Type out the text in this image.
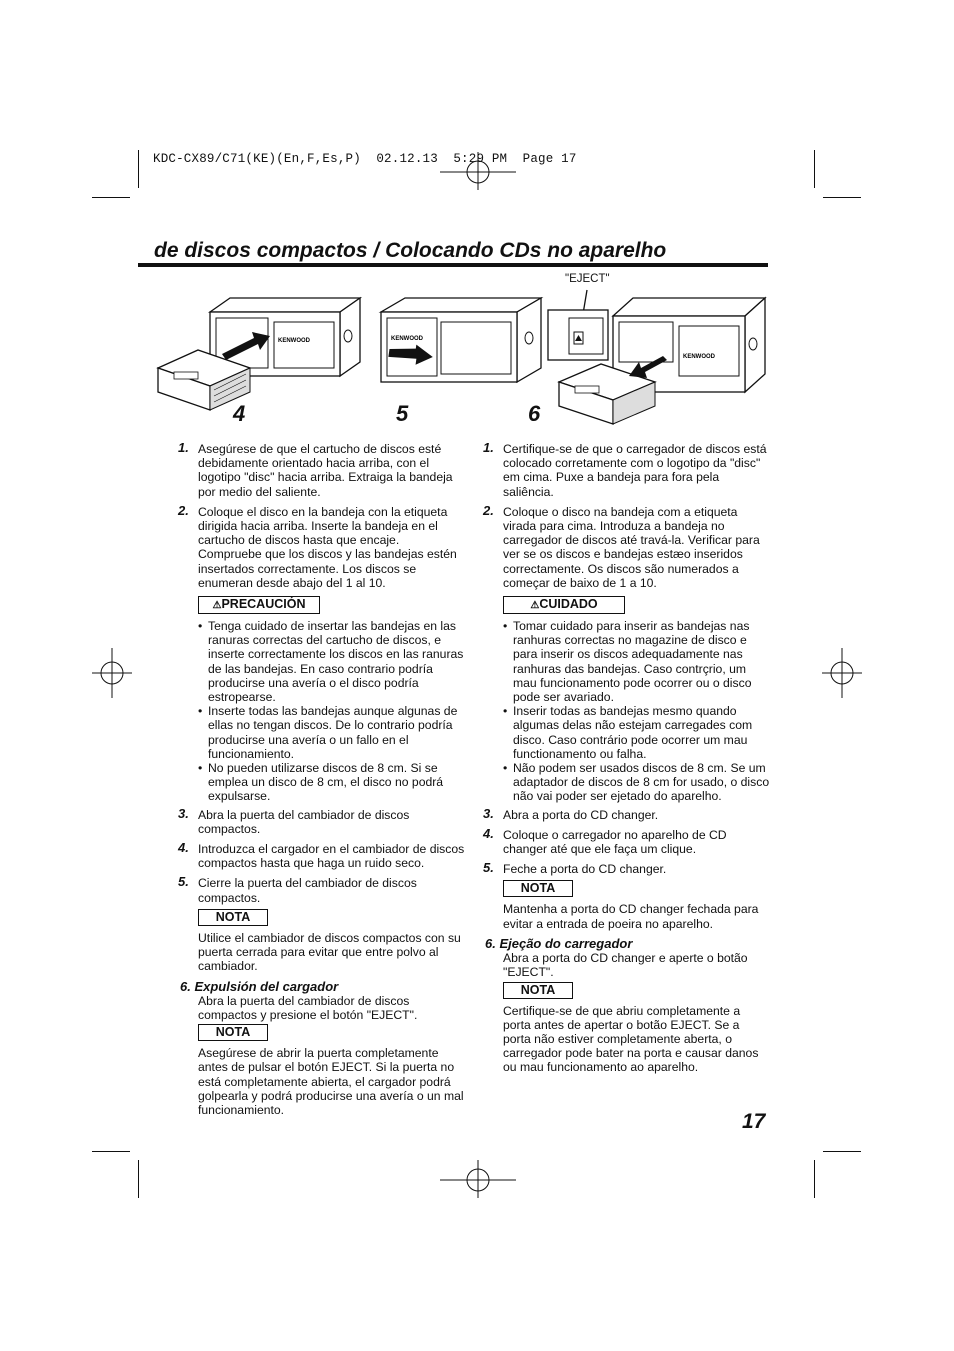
KDC-CX89/C71(KE)(En,F,Es,P)  02.12.13  5:29 PM  Page 17
de discos compactos / Colocando CDs no aparelho
KENWOOD
4
KENWOOD
5
"EJECT"
KENWOOD
6
1. Asegúrese de que el cartucho de discos esté debidamente orientado hacia arriba, con el logotipo "disc" hacia arriba. Extraiga la bandeja por medio del saliente.
2. Coloque el disco en la bandeja con la etiqueta dirigida hacia arriba. Inserte la bandeja en el cartucho de discos hasta que encaje. Compruebe que los discos y las bandejas estén insertados correctamente. Los discos se enumeran desde abajo del 1 al 10.
⚠PRECAUCIÓN
• Tenga cuidado de insertar las bandejas en las ranuras correctas del cartucho de discos, e inserte correctamente los discos en las ranuras de las bandejas. En caso contrario podría producirse una avería o el disco podría estropearse.
• Inserte todas las bandejas aunque algunas de ellas no tengan discos. De lo contrario podría producirse una avería o un fallo en el funcionamiento.
• No pueden utilizarse discos de 8 cm. Si se emplea un disco de 8 cm, el disco no podrá expulsarse.
3. Abra la puerta del cambiador de discos compactos.
4. Introduzca el cargador en el cambiador de discos compactos hasta que haga un ruido seco.
5. Cierre la puerta del cambiador de discos compactos.
NOTA
Utilice el cambiador de discos compactos con su puerta cerrada para evitar que entre polvo al cambiador.
6. Expulsión del cargador
Abra la puerta del cambiador de discos compactos y presione el botón "EJECT".
NOTA
Asegúrese de abrir la puerta completamente antes de pulsar el botón EJECT. Si la puerta no está completamente abierta, el cargador podrá golpearla y podrá producirse una avería o un mal funcionamiento.
1. Certifique-se de que o carregador de discos está colocado corretamente com o logotipo da "disc" em cima. Puxe a bandeja para fora pela saliência.
2. Coloque o disco na bandeja com a etiqueta virada para cima. Introduza a bandeja no carregador de discos até travá-la. Verificar para ver se os discos e bandejas estæo inseridos correctamente. Os discos são numerados a começar de baixo de 1 a 10.
⚠CUIDADO
• Tomar cuidado para inserir as bandejas nas ranhuras correctas no magazine de disco e para inserir os discos adequadamente nas ranhuras das bandejas. Caso contrçrio, um mau funcionamento pode ocorrer ou o disco pode ser avariado.
• Inserir todas as bandejas mesmo quando algumas delas não estejam carregades com disco. Caso contrário pode ocorrer um mau functionamento ou falha.
• Não podem ser usados discos de 8 cm. Se um adaptador de discos de 8 cm for usado, o disco não vai poder ser ejetado do aparelho.
3. Abra a porta do CD changer.
4. Coloque o carregador no aparelho de CD changer até que ele faça um clique.
5. Feche a porta do CD changer.
NOTA
Mantenha a porta do CD changer fechada para evitar a entrada de poeira no aparelho.
6. Ejeção do carregador
Abra a porta do CD changer e aperte o botão "EJECT".
NOTA
Certifique-se de que abriu completamente a porta antes de apertar o botão EJECT. Se a porta não estiver completamente aberta, o carregador pode bater na porta e causar danos ou mau funcionamento ao aparelho.
17
